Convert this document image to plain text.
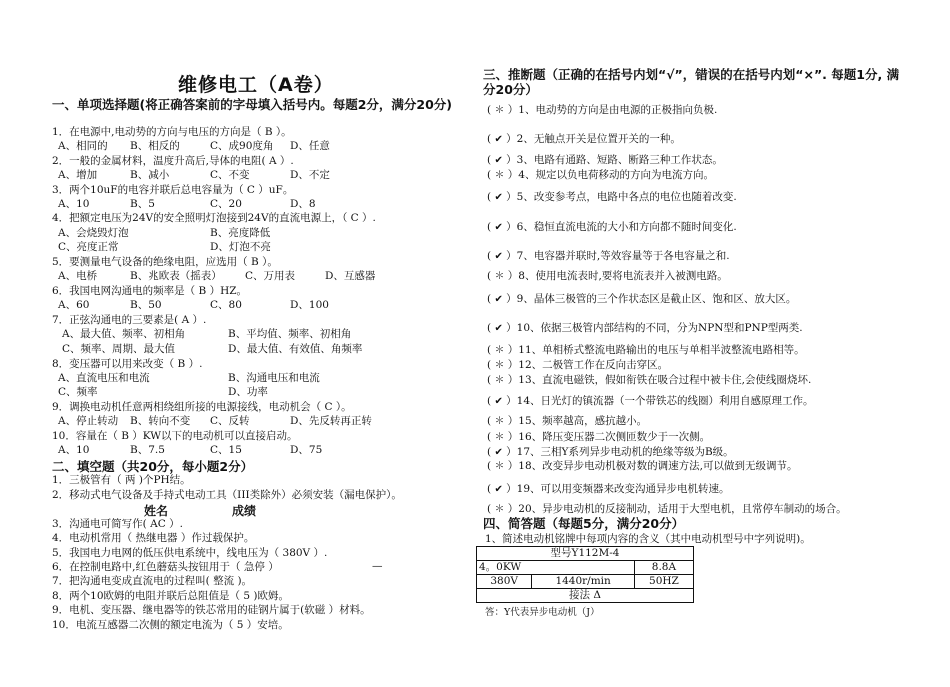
维修电工（A卷）
一、单项选择题(将正确答案前的字母填入括号内。每题2分，满分20分)
1．在电源中,电动势的方向与电压的方向是（ B ）。
A、相同的 B、相反的	C、成90度角 D、任意
2．一般的金属材料，温度升高后,导体的电阻( A ）.
A、增加	B、减小	C、不变	D、不定
3．两个10uF的电容并联后总电容量为（ C ）uF。
A、10	B、5	C、20	D、8
4．把额定电压为24V的安全照明灯泡接到24V的直流电源上，（ C ）.
A、会烧毁灯泡	B、亮度降低
C、亮度正常	D、灯泡不亮
5．要测量电气设备的绝缘电阻，应选用（ B ）。
A、电桥	B、兆欧表（摇表） C、万用表	D、互感器
6．我国电网沟通电的频率是（ B ）HZ。
A、60	B、50	C、80	D、100
7．正弦沟通电的三要素是( A ）.
A、最大值、频率、初相角	B、平均值、频率、初相角
C、频率、周期、最大值	D、最大值、有效值、角频率
8．变压器可以用来改变（ B ）.
A、直流电压和电流	B、沟通电压和电流
C、频率	D、功率
9．调换电动机任意两相绕组所接的电源接线，电动机会（ C ）。
A、停止转动 B、转向不变 C、反转	D、先反转再正转
10．容量在（ B ）KW以下的电动机可以直接启动。
A、10	B、7.5	C、15	D、75
二、填空题（共20分，每小题2分）
1．三极管有（ 两 )个PH结。
2．移动式电气设备及手持式电动工具（III类除外）必须安装（漏电保护）。
3．沟通电可简写作( AC ）.
4．电动机常用（ 热继电器 ）作过载保护。
5．我国电力电网的低压供电系统中，线电压为（ 380V ）.
6．在控制电路中,红色蘑菇头按钮用于（ 急停 ）
7．把沟通电变成直流电的过程叫( 整流 )。
8．两个10欧姆的电阻并联后总阻值是（ 5 )欧姆。
9．电机、变压器、继电器等的铁芯常用的硅钢片属于(软磁 ）材料。
10．电流互感器二次侧的额定电流为（ 5 ）安培。
姓名	成绩
—
三、推断题（正确的在括号内划“√”，错误的在括号内划“×”. 每题1分, 满分20分）
( ＊ ）1、电动势的方向是由电源的正极指向负极.
( ✔ ）2、无触点开关是位置开关的一种。
( ✔ ）3、电路有通路、短路、断路三种工作状态。
( ＊ ）4、规定以负电荷移动的方向为电流方向。
( ✔ ）5、改变参考点，电路中各点的电位也随着改变.
( ✔ ）6、稳恒直流电流的大小和方向都不随时间变化.
( ✔ ）7、电容器并联时,等效容量等于各电容量之和.
( ＊ ）8、使用电流表时,要将电流表并入被测电路。
( ✔ ）9、晶体三极管的三个作状态区是截止区、饱和区、放大区。
( ✔ ）10、依据三极管内部结构的不同，分为NPN型和PNP型两类.
( ＊ ）11、单相桥式整流电路输出的电压与单相半波整流电路相等。
( ＊ ）12、二极管工作在反向击穿区。
( ＊ ）13、直流电磁铁，假如衔铁在吸合过程中被卡住,会使线圈烧坏.
( ✔ ）14、日光灯的镇流器（一个带铁芯的线圈）利用自感原理工作。
( ＊ ）15、频率越高，感抗越小。
( ＊ ）16、降压变压器二次侧匝数少于一次侧。
( ✔ ）17、三相Y系列异步电动机的绝缘等级为B级。
( ＊ ）18、改变异步电动机极对数的调速方法,可以做到无级调节。
( ✔ ）19、可以用变频器来改变沟通异步电机转速。
( ＊ ）20、异步电动机的反接制动，适用于大型电机，且常停车制动的场合。
四、简答题（每题5分，满分20分）
1、简述电动机铭牌中每项内容的含义（其中电动机型号中字列说明)。
型号Y112M-4		
4。0KW		8.8A
380V	1440r/min	50HZ
接法 Δ		
答：Y代表异步电动机（J）
